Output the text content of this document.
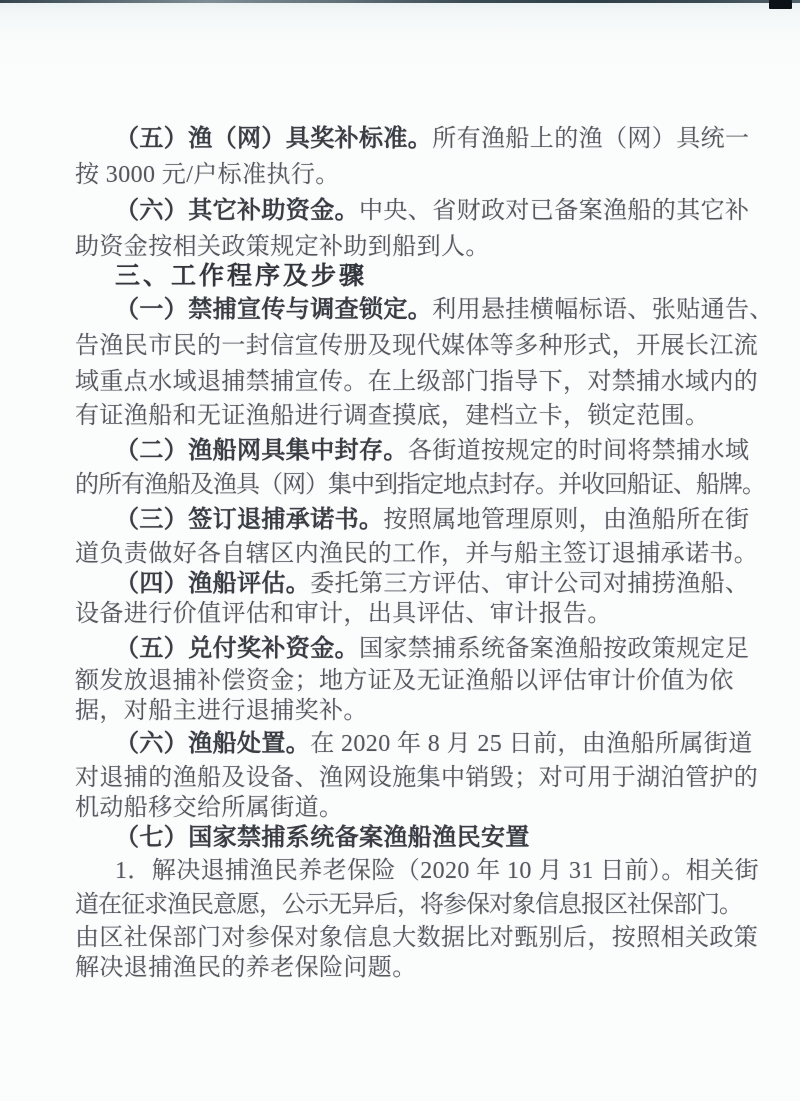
（五）渔（网）具奖补标准。所有渔船上的渔（网）具统一
按 3000 元/户标准执行。
（六）其它补助资金。中央、省财政对已备案渔船的其它补
助资金按相关政策规定补助到船到人。
三、工作程序及步骤
（一）禁捕宣传与调查锁定。利用悬挂横幅标语、张贴通告、
告渔民市民的一封信宣传册及现代媒体等多种形式，开展长江流
域重点水域退捕禁捕宣传。在上级部门指导下，对禁捕水域内的
有证渔船和无证渔船进行调查摸底，建档立卡，锁定范围。
（二）渔船网具集中封存。各街道按规定的时间将禁捕水域
的所有渔船及渔具（网）集中到指定地点封存。并收回船证、船牌。
（三）签订退捕承诺书。按照属地管理原则，由渔船所在街
道负责做好各自辖区内渔民的工作，并与船主签订退捕承诺书。
（四）渔船评估。委托第三方评估、审计公司对捕捞渔船、
设备进行价值评估和审计，出具评估、审计报告。
（五）兑付奖补资金。国家禁捕系统备案渔船按政策规定足
额发放退捕补偿资金；地方证及无证渔船以评估审计价值为依
据，对船主进行退捕奖补。
（六）渔船处置。在 2020 年 8 月 25 日前，由渔船所属街道
对退捕的渔船及设备、渔网设施集中销毁；对可用于湖泊管护的
机动船移交给所属街道。
（七）国家禁捕系统备案渔船渔民安置
1．解决退捕渔民养老保险（2020 年 10 月 31 日前）。相关街
道在征求渔民意愿，公示无异后，将参保对象信息报区社保部门。
由区社保部门对参保对象信息大数据比对甄别后，按照相关政策
解决退捕渔民的养老保险问题。
